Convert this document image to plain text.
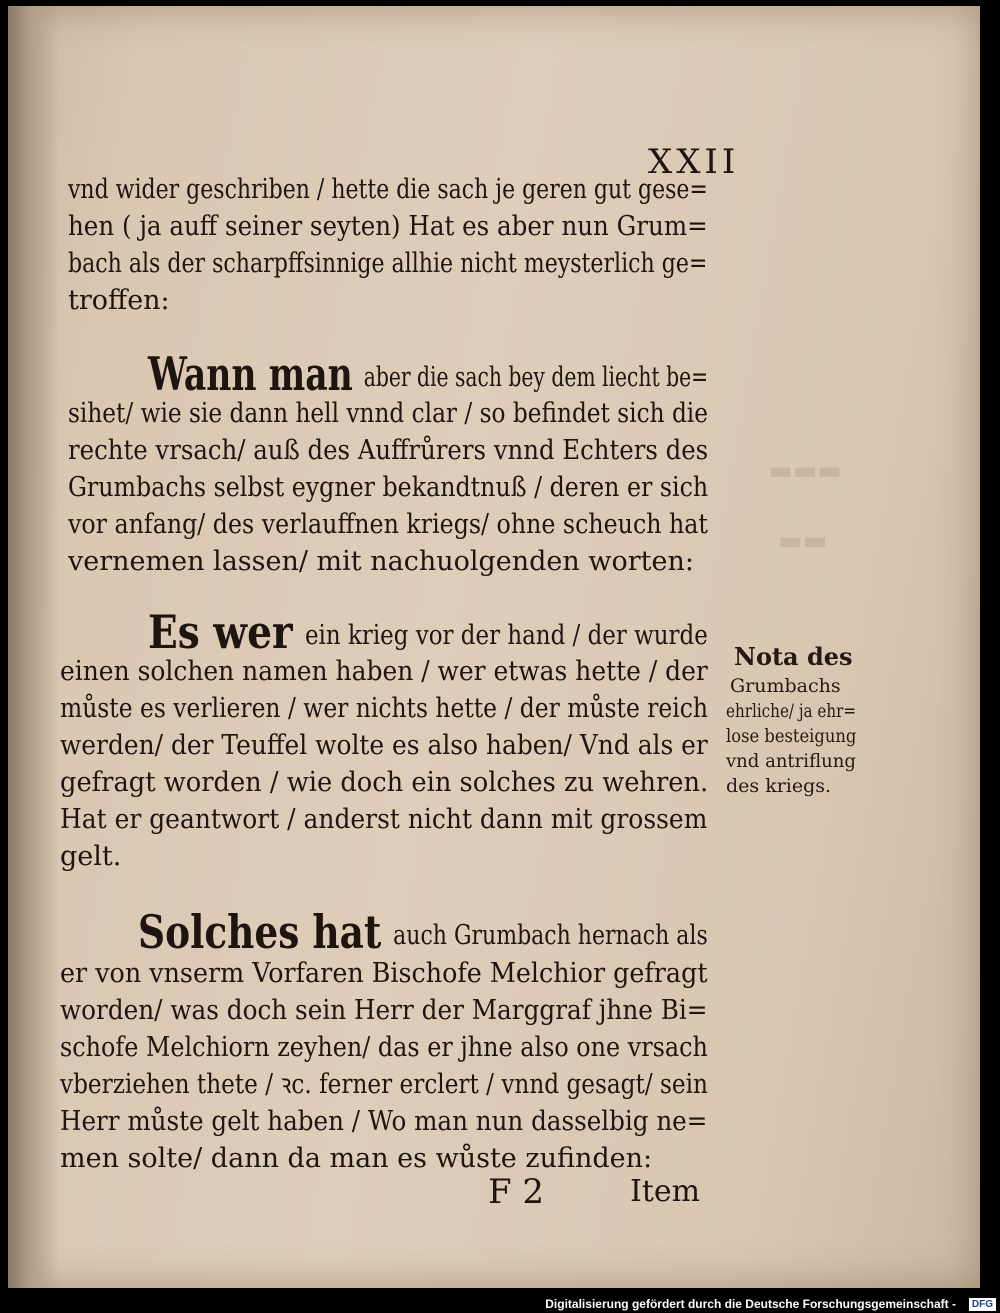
▬▬▬
▬▬
XXII
vnd wider geschriben / hette die sach je geren gut gese=
hen ( ja auff seiner seyten) Hat es aber nun Grum=
bach als der scharpffsinnige allhie nicht meysterlich ge=
troffen:
Wann man aber die sach bey dem liecht be=
sihet/ wie sie dann hell vnnd clar / so befindet sich die
rechte vrsach/ auß des Auffrůrers vnnd Echters des
Grumbachs selbst eygner bekandtnuß / deren er sich
vor anfang/ des verlauffnen kriegs/ ohne scheuch hat
vernemen lassen/ mit nachuolgenden worten:
Es wer ein krieg vor der hand / der wurde
einen solchen namen haben / wer etwas hette / der
můste es verlieren / wer nichts hette / der můste reich
werden/ der Teuffel wolte es also haben/ Vnd als er
gefragt worden / wie doch ein solches zu wehren.
Hat er geantwort / anderst nicht dann mit grossem
gelt.
Nota des
Grumbachs
ehrliche/ ja ehr=
lose besteigung
vnd antriflung
des kriegs.
Solches hat auch Grumbach hernach als
er von vnserm Vorfaren Bischofe Melchior gefragt
worden/ was doch sein Herr der Marggraf jhne Bi=
schofe Melchiorn zeyhen/ das er jhne also one vrsach
vberziehen thete / ꝛc. ferner erclert / vnnd gesagt/ sein
Herr můste gelt haben / Wo man nun dasselbig ne=
men solte/ dann da man es wůste zufinden:
F 2	Item
Digitalisierung gefördert durch die Deutsche Forschungsgemeinschaft -	DFG
